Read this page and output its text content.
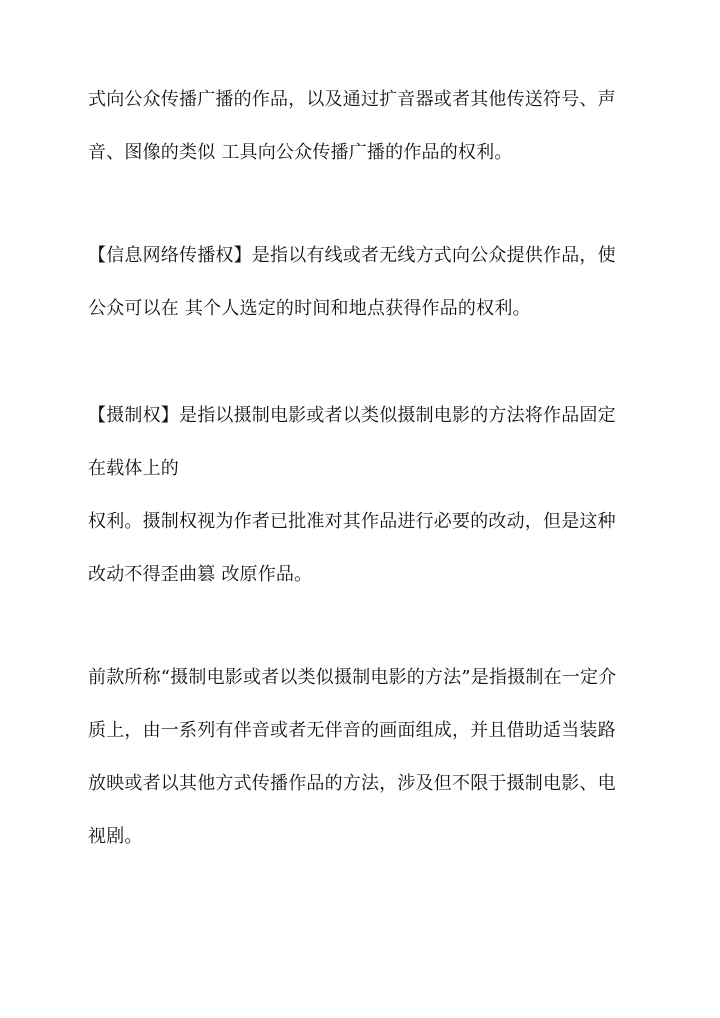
式向公众传播广播的作品，以及通过扩音器或者其他传送符号、声
音、图像的类似 工具向公众传播广播的作品的权利。
【信息网络传播权】是指以有线或者无线方式向公众提供作品，使
公众可以在 其个人选定的时间和地点获得作品的权利。
【摄制权】是指以摄制电影或者以类似摄制电影的方法将作品固定
在载体上的
权利。摄制权视为作者已批准对其作品进行必要的改动，但是这种
改动不得歪曲篡 改原作品。
前款所称“摄制电影或者以类似摄制电影的方法”是指摄制在一定介
质上，由一系列有伴音或者无伴音的画面组成，并且借助适当装路
放映或者以其他方式传播作品的方法，涉及但不限于摄制电影、电
视剧。
